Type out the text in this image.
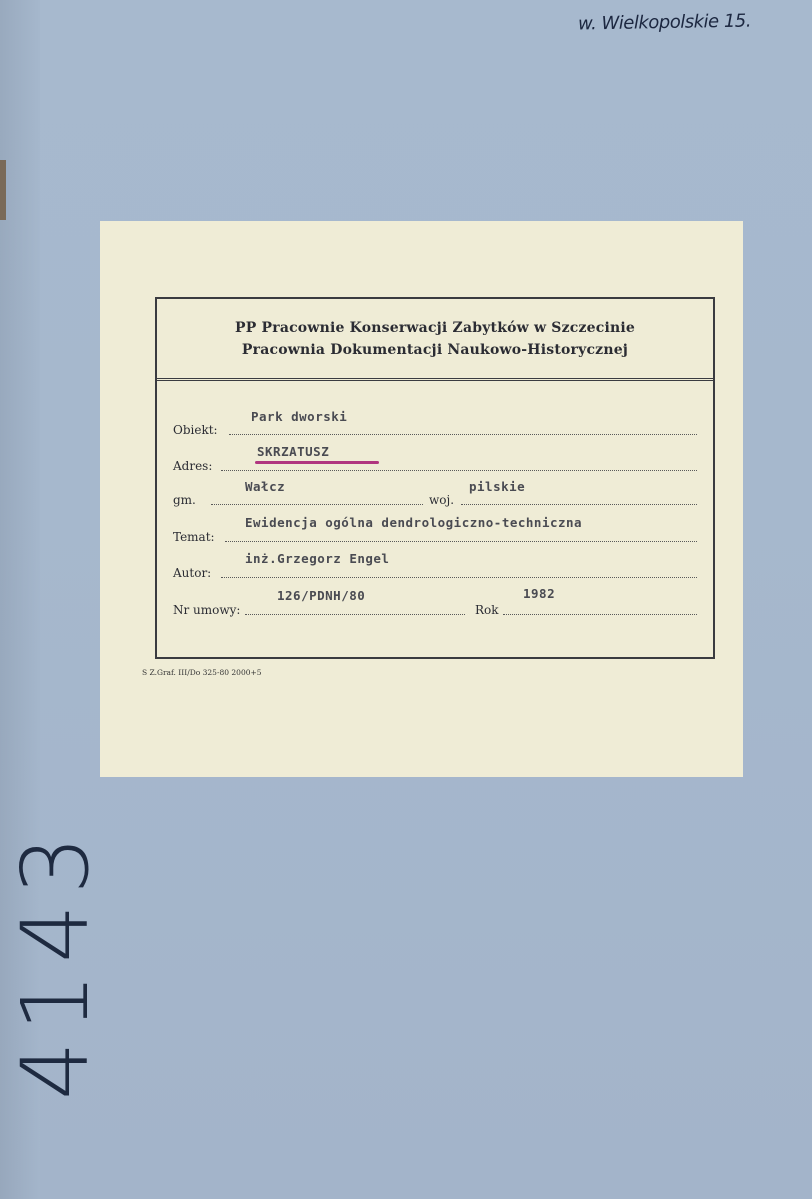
w. Wielkopolskie 15.
4143
PP Pracownie Konserwacji Zabytków w Szczecinie
Pracownia Dokumentacji Naukowo-Historycznej
Obiekt:
Park dworski
Adres:
SKRZATUSZ
gm.
Wałcz
woj.
pilskie
Temat:
Ewidencja ogólna dendrologiczno-techniczna
Autor:
inż.Grzegorz Engel
Nr umowy:
126/PDNH/80
Rok
1982
S Z.Graf. III/Do 325-80 2000+5
